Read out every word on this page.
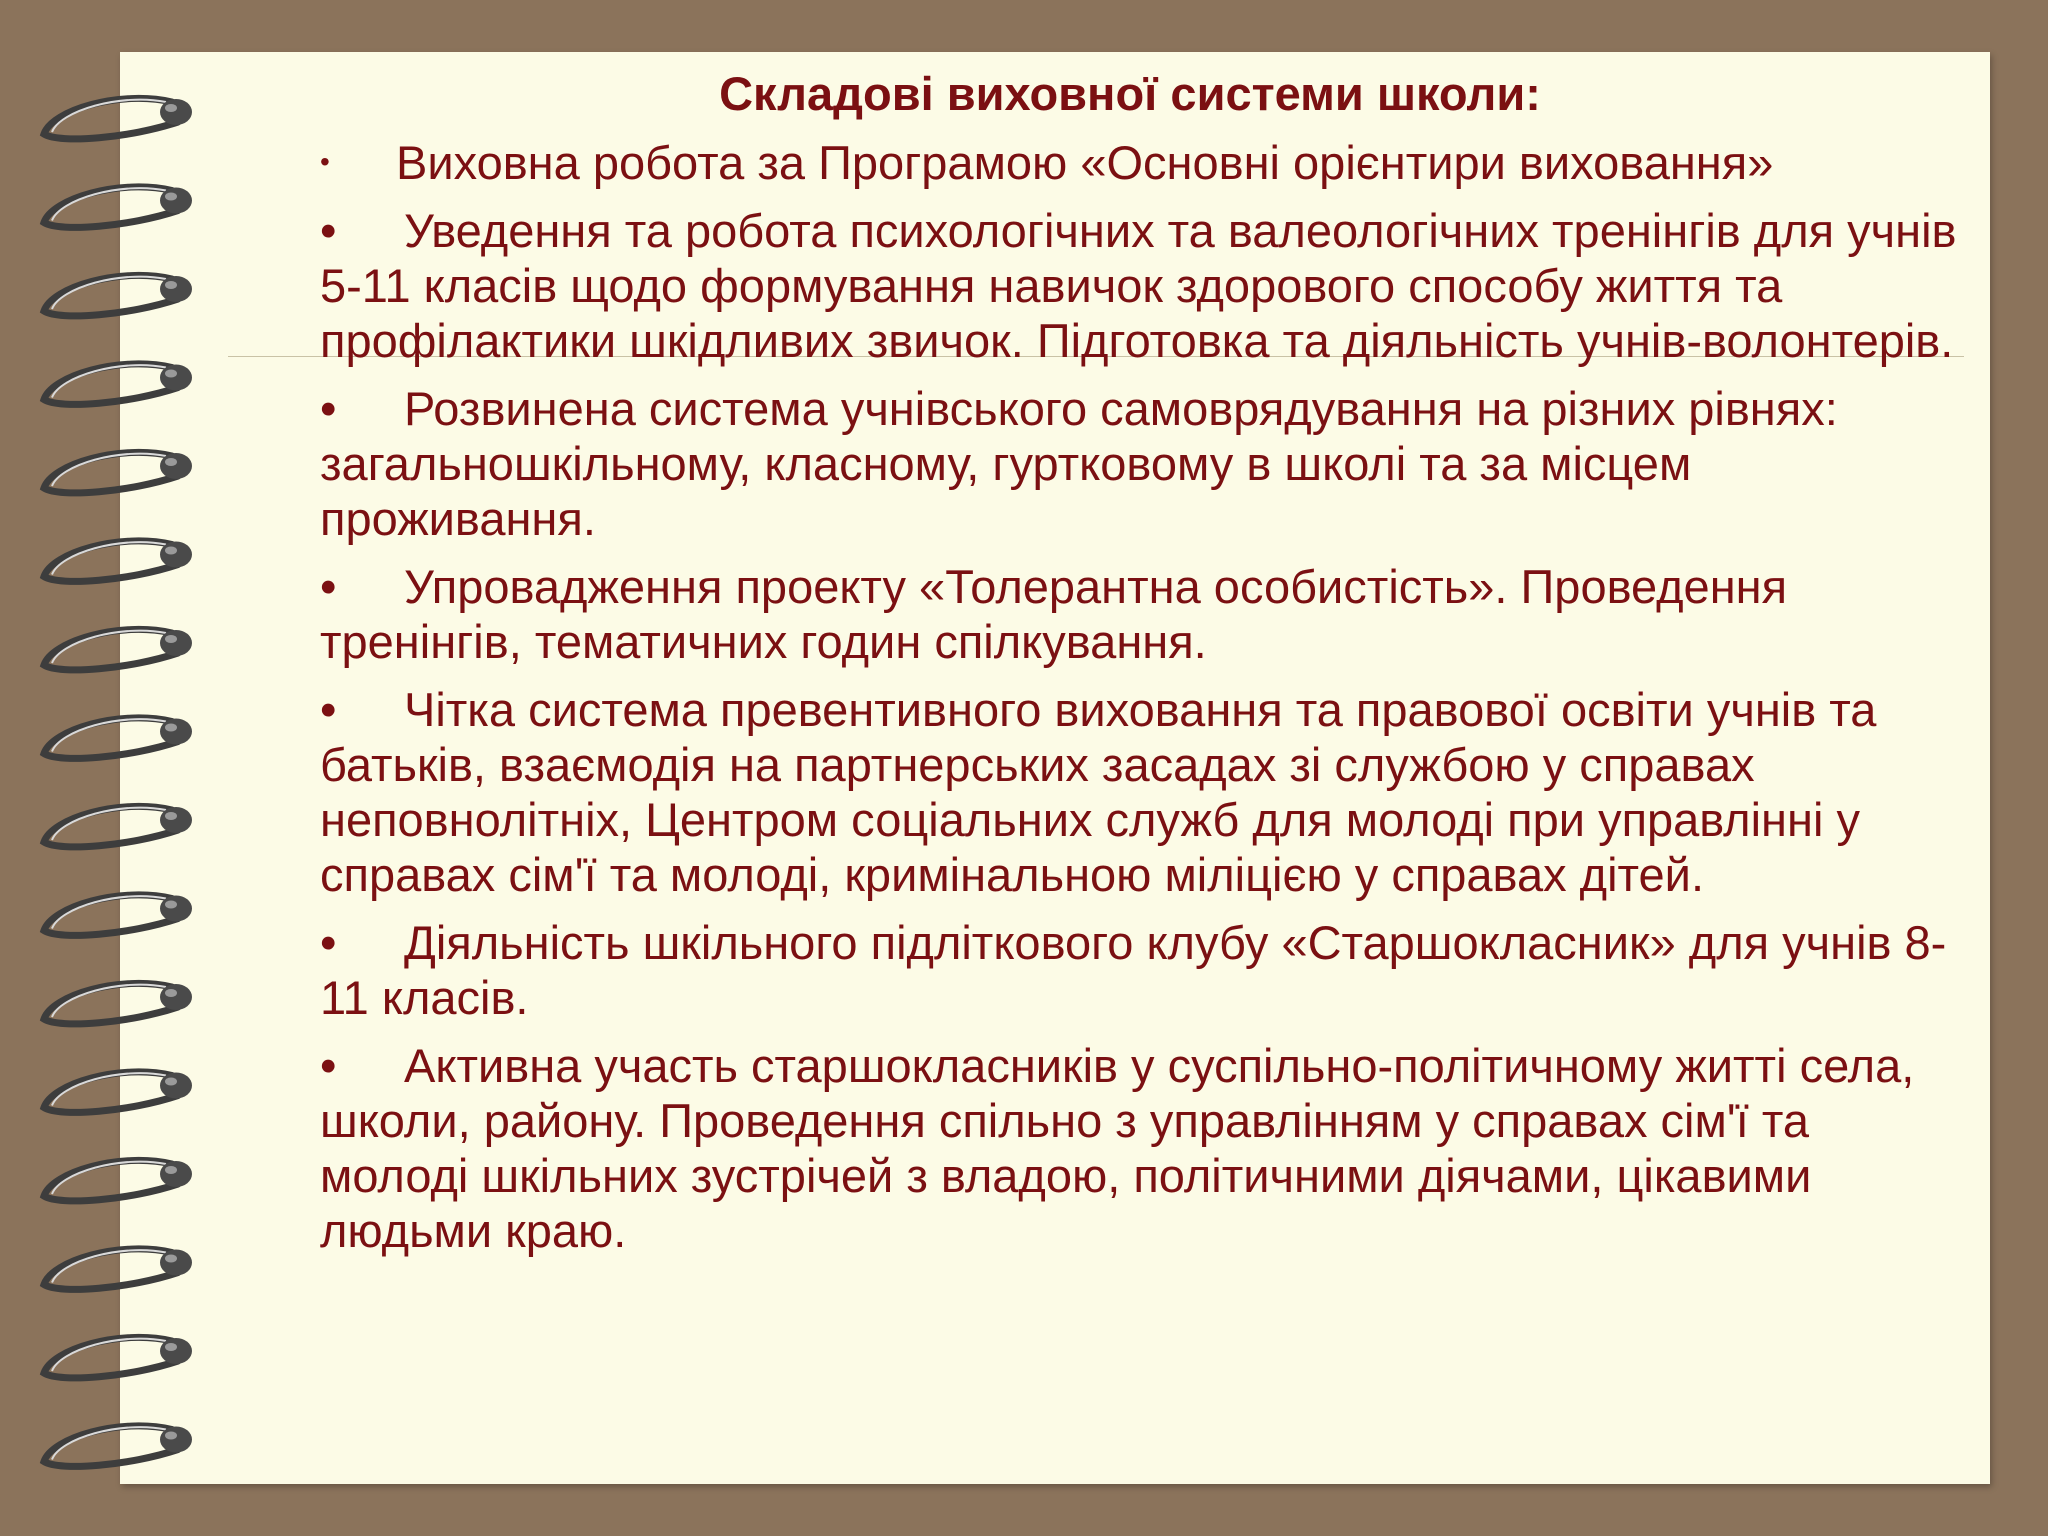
Складові виховної системи школи:
• Виховна робота за Програмою «Основні орієнтири виховання»
• Уведення та робота психологічних та валеологічних тренінгів для учнів 5-11 класів щодо формування навичок здорового способу життя та профілактики шкідливих звичок. Підготовка та діяльність учнів-волонтерів.
• Розвинена система учнівського самоврядування на різних рівнях: загальношкільному, класному, гуртковому в школі та за місцем проживання.
• Упровадження проекту «Толерантна особистість». Проведення тренінгів, тематичних годин спілкування.
• Чітка система превентивного виховання та правової освіти учнів та батьків, взаємодія на партнерських засадах зі службою у справах неповнолітніх, Центром соціальних служб для молоді при управлінні у справах сім'ї та молоді, кримінальною міліцією у справах дітей.
• Діяльність шкільного підліткового клубу «Старшокласник» для учнів 8-11 класів.
• Активна участь старшокласників у суспільно-політичному житті села, школи, району. Проведення спільно з управлінням у справах сім'ї та молоді шкільних зустрічей з владою, політичними діячами, цікавими людьми краю.
